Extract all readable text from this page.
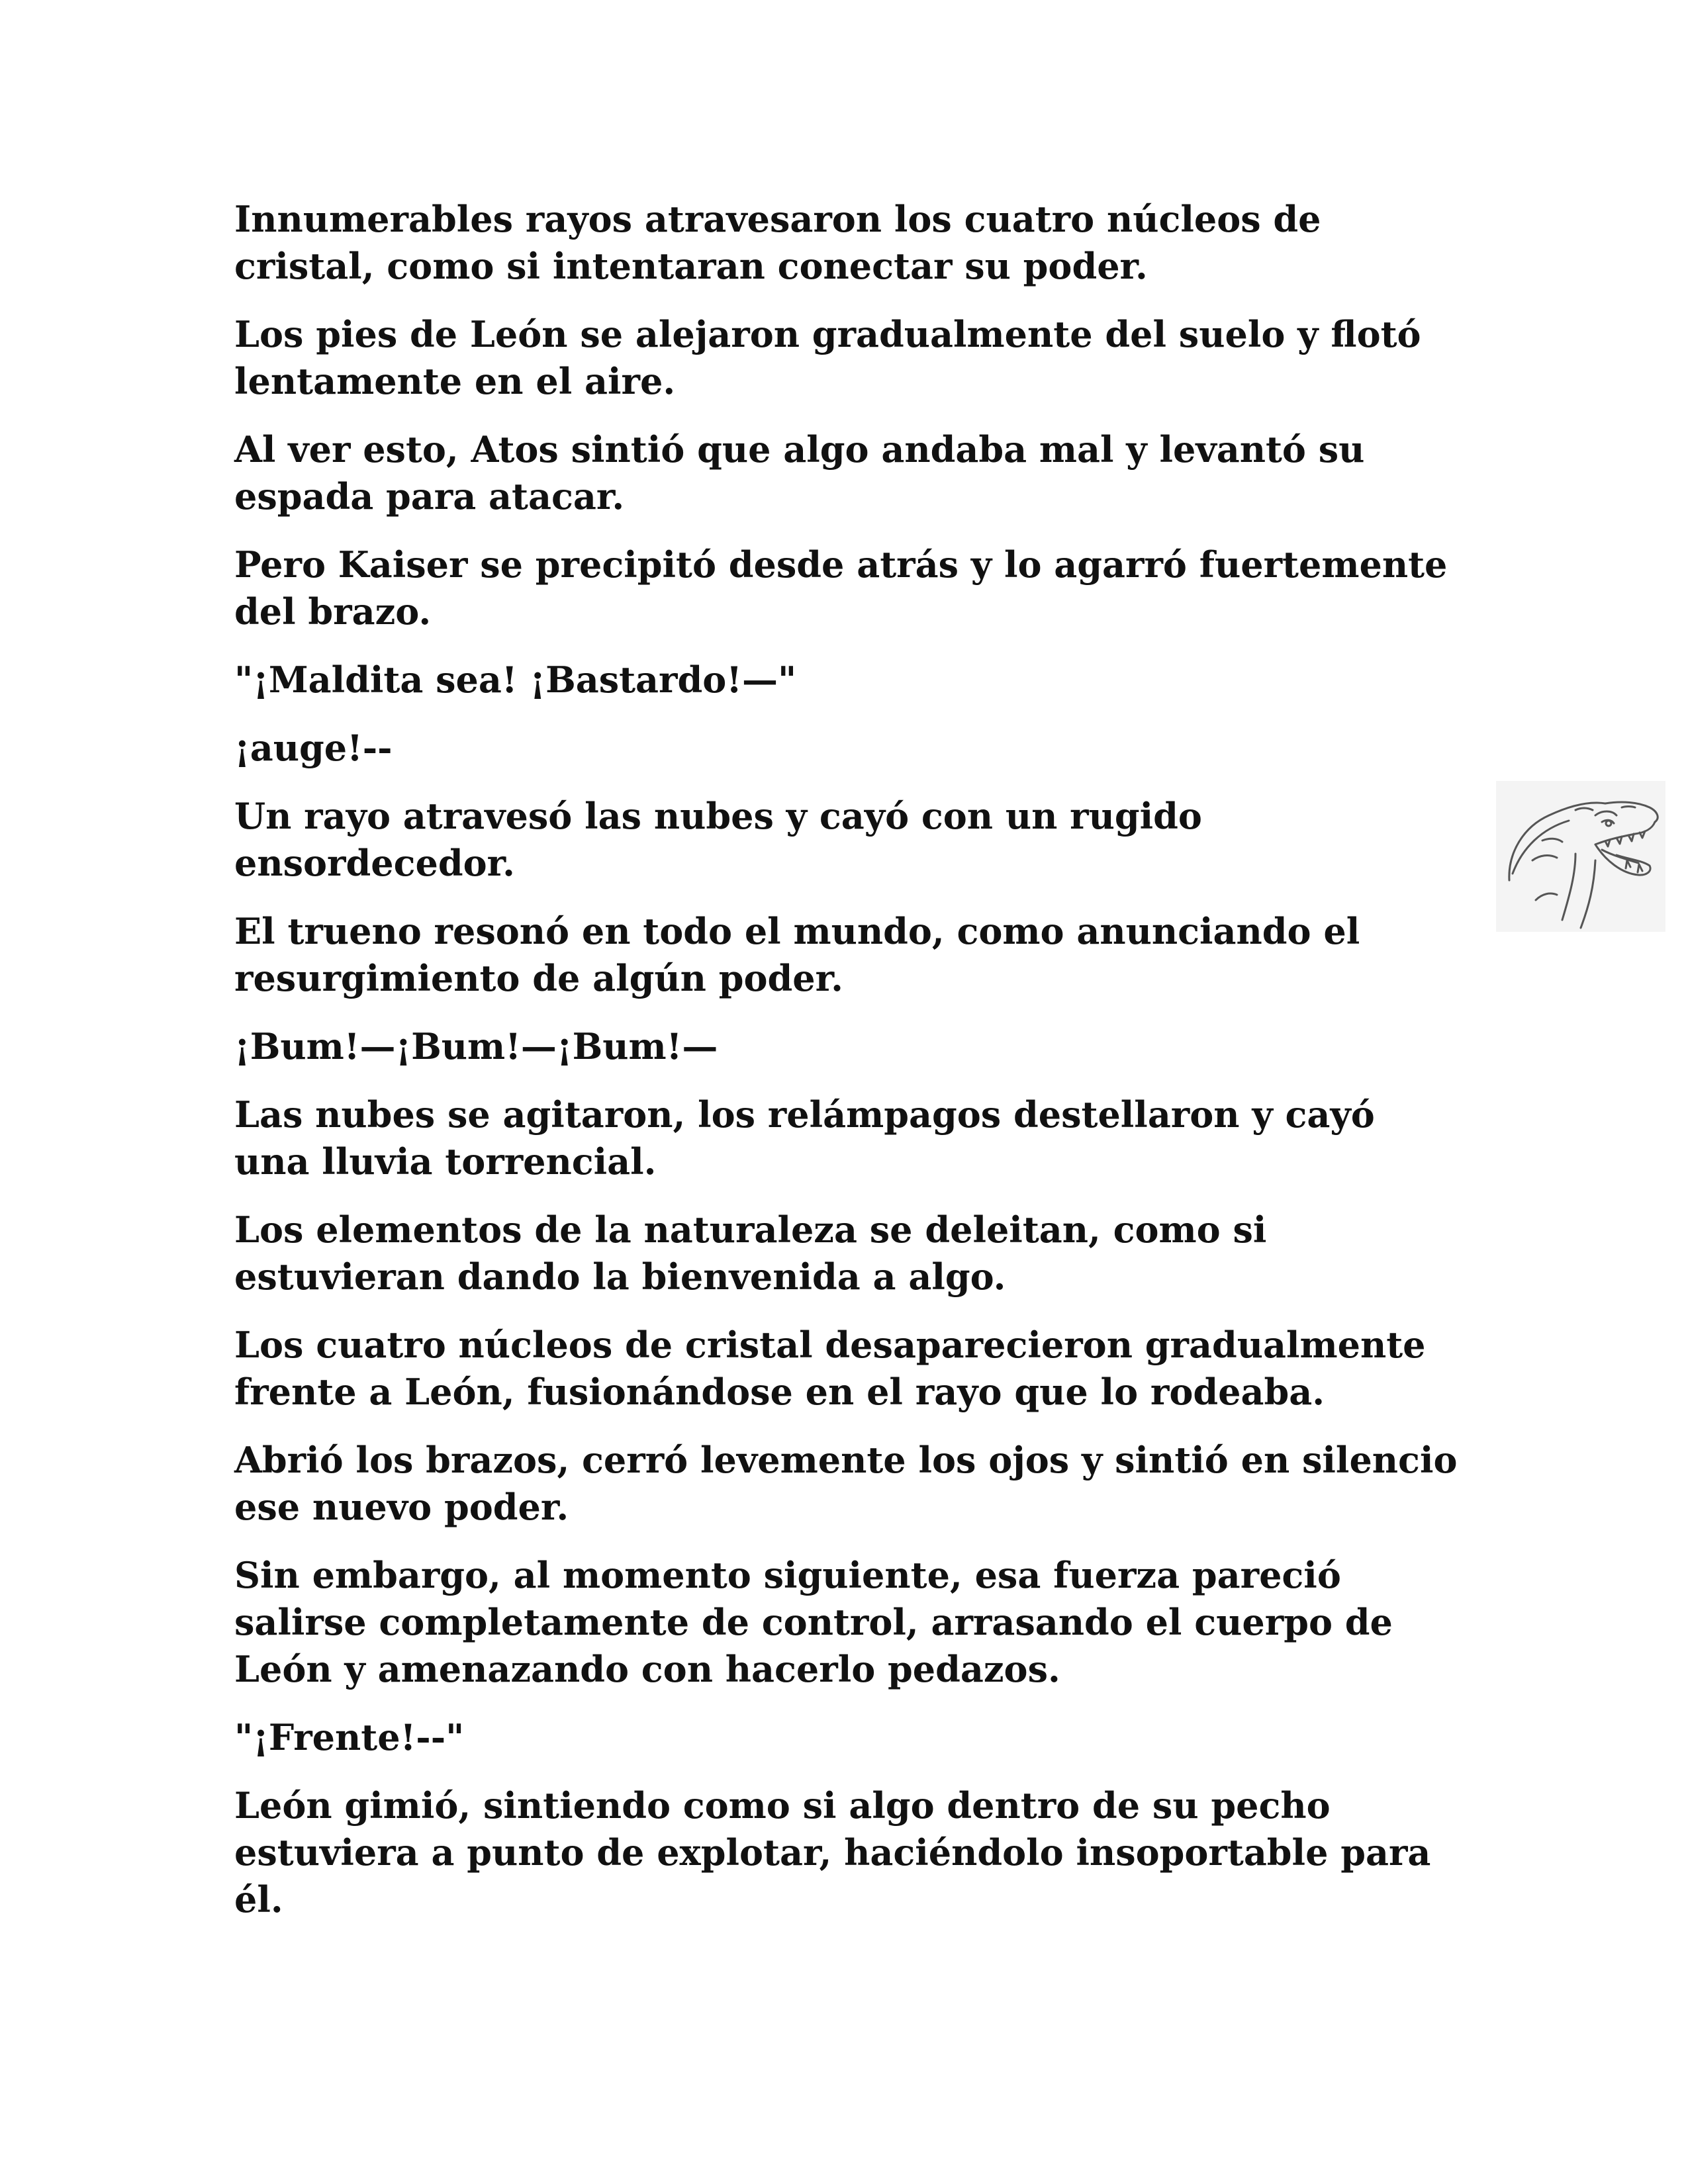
Innumerables rayos atravesaron los cuatro núcleos de cristal, como si intentaran conectar su poder.

Los pies de León se alejaron gradualmente del suelo y flotó lentamente en el aire.

Al ver esto, Atos sintió que algo andaba mal y levantó su espada para atacar.

Pero Kaiser se precipitó desde atrás y lo agarró fuertemente del brazo.

"¡Maldita sea! ¡Bastardo!—"

¡auge!--

Un rayo atravesó las nubes y cayó con un rugido ensordecedor.

El trueno resonó en todo el mundo, como anunciando el resurgimiento de algún poder.

¡Bum!—¡Bum!—¡Bum!—

Las nubes se agitaron, los relámpagos destellaron y cayó una lluvia torrencial.

Los elementos de la naturaleza se deleitan, como si estuvieran dando la bienvenida a algo.

Los cuatro núcleos de cristal desaparecieron gradualmente frente a León, fusionándose en el rayo que lo rodeaba.

Abrió los brazos, cerró levemente los ojos y sintió en silencio ese nuevo poder.

Sin embargo, al momento siguiente, esa fuerza pareció salirse completamente de control, arrasando el cuerpo de León y amenazando con hacerlo pedazos.

"¡Frente!--"

León gimió, sintiendo como si algo dentro de su pecho estuviera a punto de explotar, haciéndolo insoportable para él.
